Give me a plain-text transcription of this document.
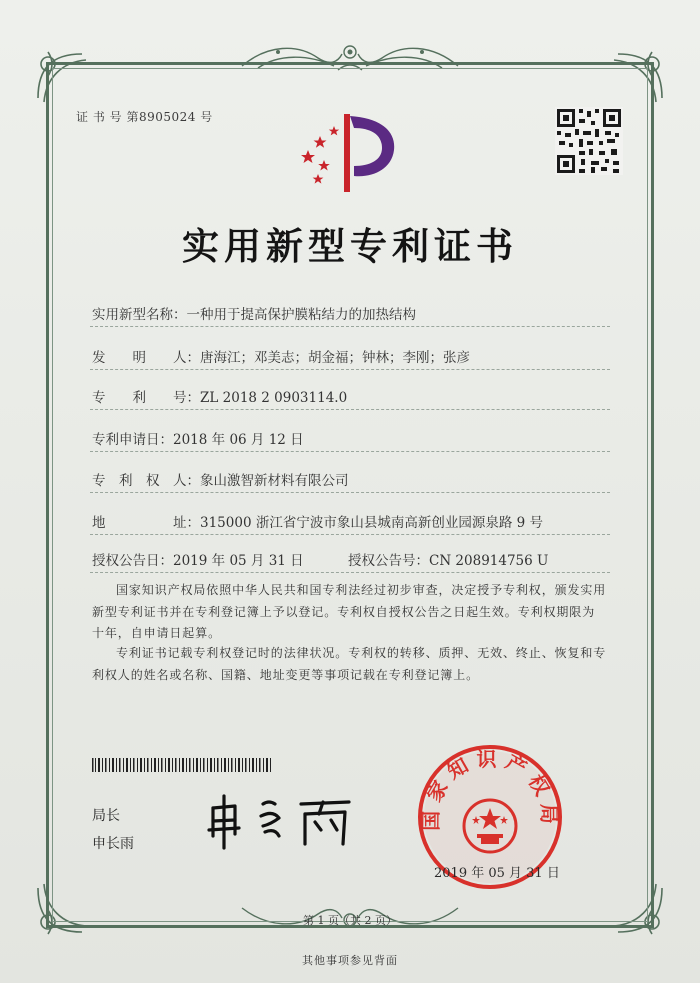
证 书 号 第8905024 号
实用新型专利证书
实用新型名称：一种用于提高保护膜粘结力的加热结构
发　　明　　人：唐海江；邓美志；胡金福；钟林；李刚；张彦
专　　利　　号：ZL 2018 2 0903114.0
专利申请日：2018 年 06 月 12 日
专　利　权　人：象山激智新材料有限公司
地　　　　　址：315000 浙江省宁波市象山县城南高新创业园源泉路 9 号
授权公告日：2019 年 05 月 31 日	授权公告号：CN 208914756 U
国家知识产权局依照中华人民共和国专利法经过初步审查，决定授予专利权，颁发实用新型专利证书并在专利登记簿上予以登记。专利权自授权公告之日起生效。专利权期限为十年，自申请日起算。
专利证书记载专利权登记时的法律状况。专利权的转移、质押、无效、终止、恢复和专利权人的姓名或名称、国籍、地址变更等事项记载在专利登记簿上。
局长
申长雨
国家知识产权局
2019 年 05 月 31 日
第 1 页（共 2 页）
其他事项参见背面
